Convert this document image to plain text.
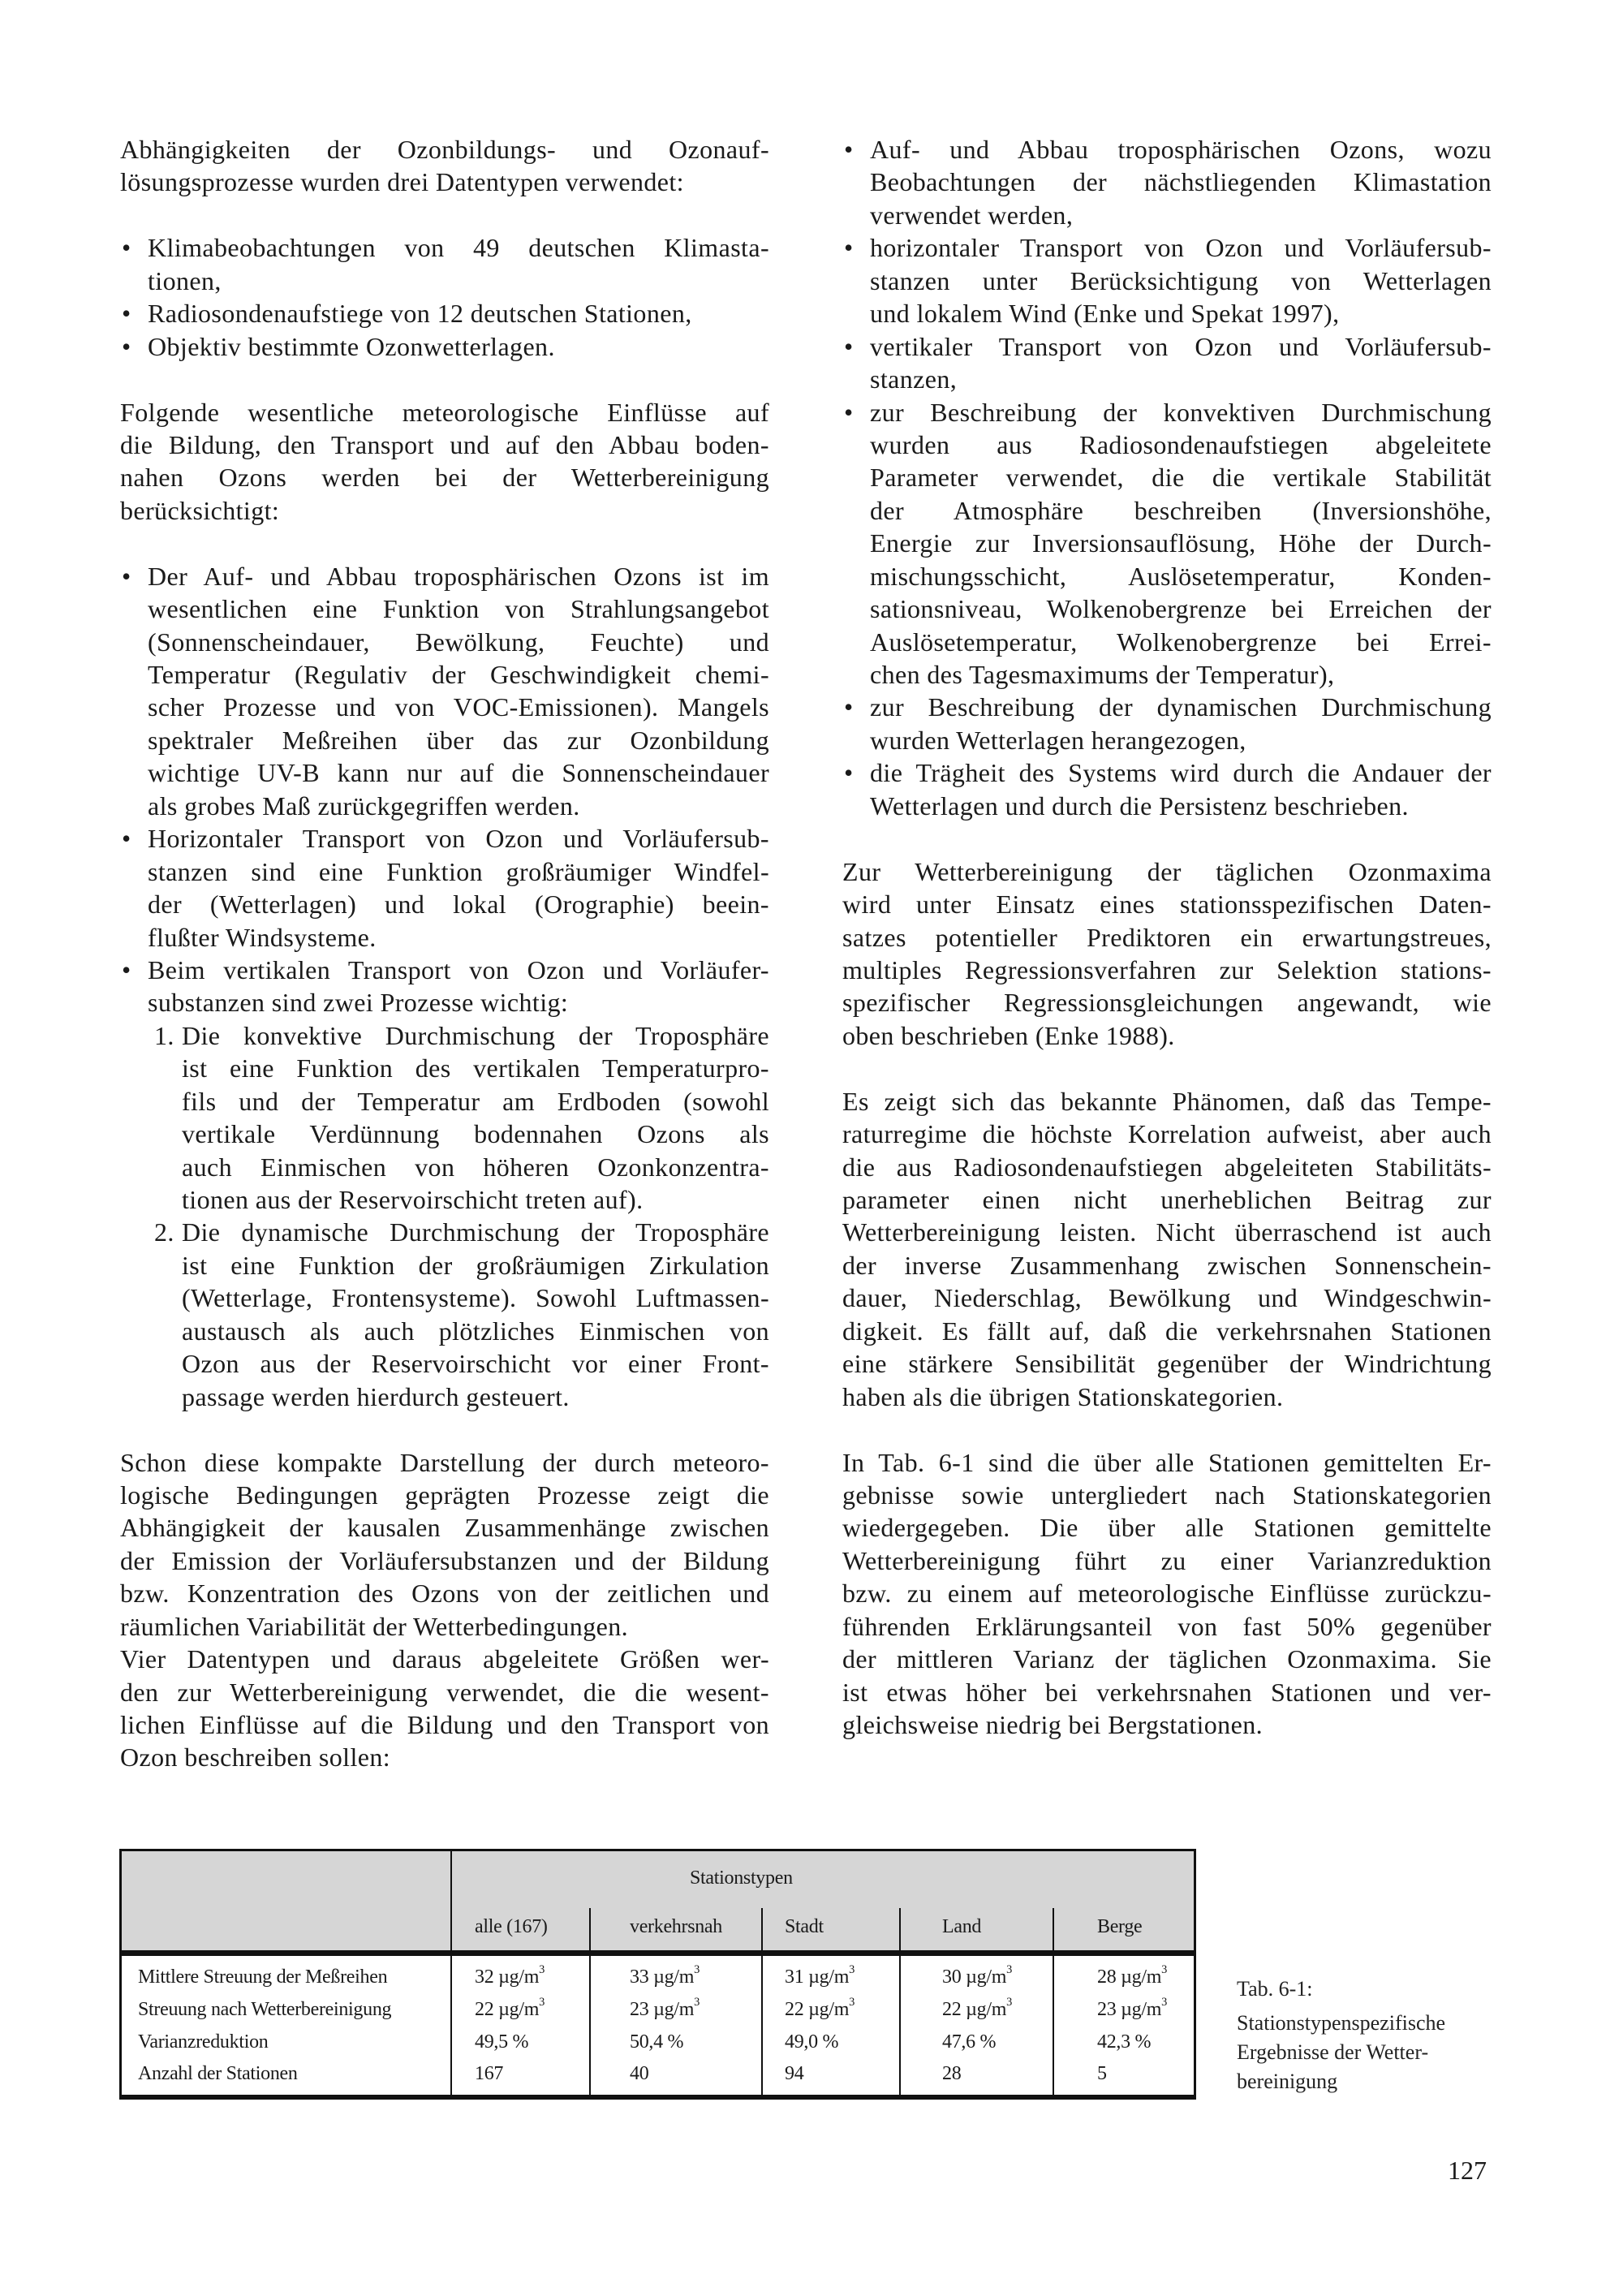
Abhängigkeiten der Ozonbildungs- und Ozonauf-
lösungsprozesse wurden drei Datentypen verwendet:
• Klimabeobachtungen von 49 deutschen Klimasta-
tionen,
• Radiosondenaufstiege von 12 deutschen Stationen,
• Objektiv bestimmte Ozonwetterlagen.
Folgende wesentliche meteorologische Einflüsse auf
die Bildung, den Transport und auf den Abbau boden-
nahen Ozons werden bei der Wetterbereinigung
berücksichtigt:
• Der Auf- und Abbau troposphärischen Ozons ist im
wesentlichen eine Funktion von Strahlungsangebot
(Sonnenscheindauer, Bewölkung, Feuchte) und
Temperatur (Regulativ der Geschwindigkeit chemi-
scher Prozesse und von VOC-Emissionen). Mangels
spektraler Meßreihen über das zur Ozonbildung
wichtige UV-B kann nur auf die Sonnenscheindauer
als grobes Maß zurückgegriffen werden.
• Horizontaler Transport von Ozon und Vorläufersub-
stanzen sind eine Funktion großräumiger Windfel-
der (Wetterlagen) und lokal (Orographie) beein-
flußter Windsysteme.
• Beim vertikalen Transport von Ozon und Vorläufer-
substanzen sind zwei Prozesse wichtig:
1. Die konvektive Durchmischung der Troposphäre
ist eine Funktion des vertikalen Temperaturpro-
fils und der Temperatur am Erdboden (sowohl
vertikale Verdünnung bodennahen Ozons als
auch Einmischen von höheren Ozonkonzentra-
tionen aus der Reservoirschicht treten auf).
2. Die dynamische Durchmischung der Troposphäre
ist eine Funktion der großräumigen Zirkulation
(Wetterlage, Frontensysteme). Sowohl Luftmassen-
austausch als auch plötzliches Einmischen von
Ozon aus der Reservoirschicht vor einer Front-
passage werden hierdurch gesteuert.
Schon diese kompakte Darstellung der durch meteoro-
logische Bedingungen geprägten Prozesse zeigt die
Abhängigkeit der kausalen Zusammenhänge zwischen
der Emission der Vorläufersubstanzen und der Bildung
bzw. Konzentration des Ozons von der zeitlichen und
räumlichen Variabilität der Wetterbedingungen.
Vier Datentypen und daraus abgeleitete Größen wer-
den zur Wetterbereinigung verwendet, die die wesent-
lichen Einflüsse auf die Bildung und den Transport von
Ozon beschreiben sollen:
• Auf- und Abbau troposphärischen Ozons, wozu
Beobachtungen der nächstliegenden Klimastation
verwendet werden,
• horizontaler Transport von Ozon und Vorläufersub-
stanzen unter Berücksichtigung von Wetterlagen
und lokalem Wind (Enke und Spekat 1997),
• vertikaler Transport von Ozon und Vorläufersub-
stanzen,
• zur Beschreibung der konvektiven Durchmischung
wurden aus Radiosondenaufstiegen abgeleitete
Parameter verwendet, die die vertikale Stabilität
der Atmosphäre beschreiben (Inversionshöhe,
Energie zur Inversionsauflösung, Höhe der Durch-
mischungsschicht, Auslösetemperatur, Konden-
sationsniveau, Wolkenobergrenze bei Erreichen der
Auslösetemperatur, Wolkenobergrenze bei Errei-
chen des Tagesmaximums der Temperatur),
• zur Beschreibung der dynamischen Durchmischung
wurden Wetterlagen herangezogen,
• die Trägheit des Systems wird durch die Andauer der
Wetterlagen und durch die Persistenz beschrieben.
Zur Wetterbereinigung der täglichen Ozonmaxima
wird unter Einsatz eines stationsspezifischen Daten-
satzes potentieller Prediktoren ein erwartungstreues,
multiples Regressionsverfahren zur Selektion stations-
spezifischer Regressionsgleichungen angewandt, wie
oben beschrieben (Enke 1988).
Es zeigt sich das bekannte Phänomen, daß das Tempe-
raturregime die höchste Korrelation aufweist, aber auch
die aus Radiosondenaufstiegen abgeleiteten Stabilitäts-
parameter einen nicht unerheblichen Beitrag zur
Wetterbereinigung leisten. Nicht überraschend ist auch
der inverse Zusammenhang zwischen Sonnenschein-
dauer, Niederschlag, Bewölkung und Windgeschwin-
digkeit. Es fällt auf, daß die verkehrsnahen Stationen
eine stärkere Sensibilität gegenüber der Windrichtung
haben als die übrigen Stationskategorien.
In Tab. 6-1 sind die über alle Stationen gemittelten Er-
gebnisse sowie untergliedert nach Stationskategorien
wiedergegeben. Die über alle Stationen gemittelte
Wetterbereinigung führt zu einer Varianzreduktion
bzw. zu einem auf meteorologische Einflüsse zurückzu-
führenden Erklärungsanteil von fast 50% gegenüber
der mittleren Varianz der täglichen Ozonmaxima. Sie
ist etwas höher bei verkehrsnahen Stationen und ver-
gleichsweise niedrig bei Bergstationen.
Stationstypen
alle (167)	verkehrsnah	Stadt	Land	Berge
Mittlere Streuung der Meßreihen	32 $\mu g/m^3$	33 $\mu g/m^3$	31 $\mu g/m^3$	30 $\mu g/m^3$	28 $\mu g/m^3$
Streuung nach Wetterbereinigung	22 $\mu g/m^3$	23 $\mu g/m^3$	22 $\mu g/m^3$	22 $\mu g/m^3$	23 $\mu g/m^3$
Varianzreduktion	49,5 %	50,4 %	49,0 %	47,6 %	42,3 %
Anzahl der Stationen	167	40	94	28	5
Tab. 6-1:
Stationstypenspezifische
Ergebnisse der Wetter-
bereinigung
127
